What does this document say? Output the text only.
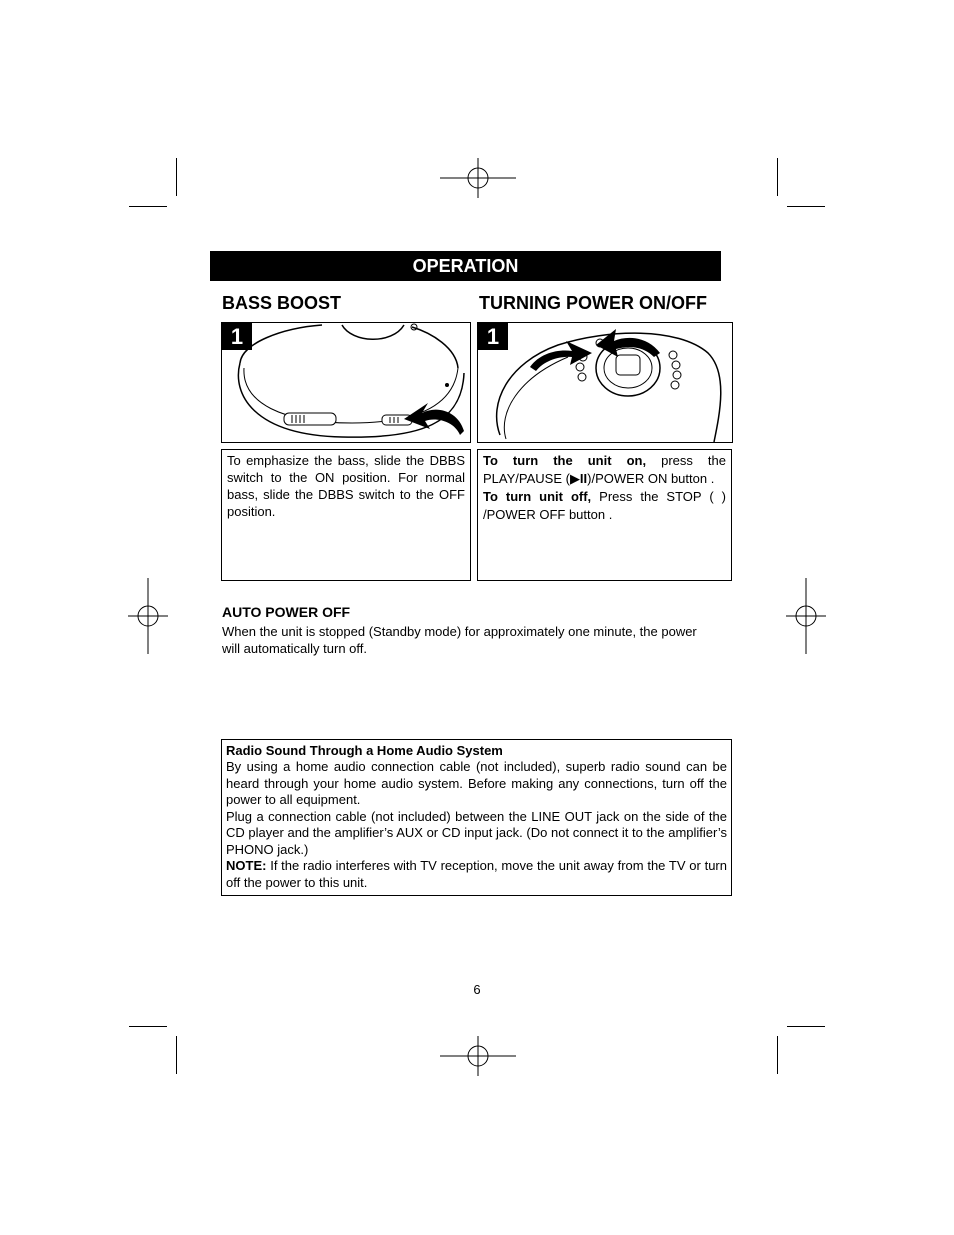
OPERATION
BASS BOOST	TURNING POWER ON/OFF
1	1
To emphasize the bass, slide the DBBS switch to the ON position. For normal bass, slide the DBBS switch to the OFF position.
To turn the unit on, press the PLAY/PAUSE (▶II)/POWER ON button .
To turn unit off, Press the STOP ( ) /POWER OFF button .
AUTO POWER OFF
When the unit is stopped (Standby mode) for approximately one minute, the power will automatically turn off.
Radio Sound Through a Home Audio System
By using a home audio connection cable (not included), superb radio sound can be heard through your home audio system. Before making any connections, turn off the power to all equipment.
Plug a connection cable (not included) between the LINE OUT jack on the side of the CD player and the amplifier’s AUX or CD input jack. (Do not connect it to the amplifier’s PHONO jack.)
NOTE: If the radio interferes with TV reception, move the unit away from the TV or turn off the power to this unit.
6
